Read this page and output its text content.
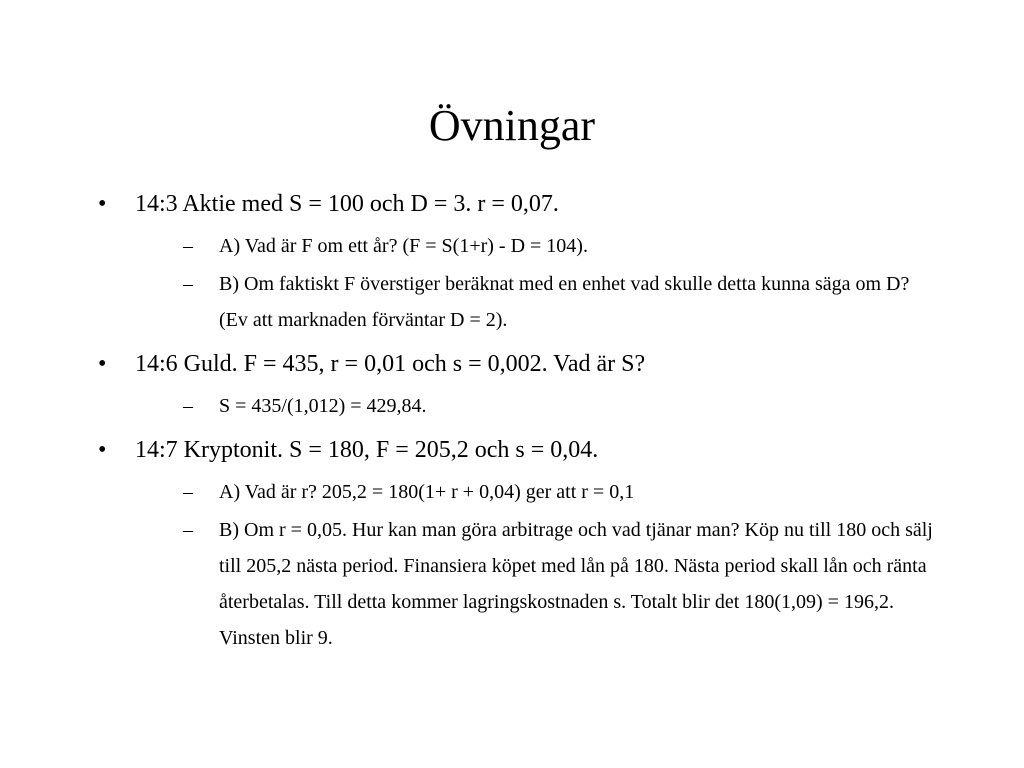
Övningar
• 14:3 Aktie med S = 100 och D = 3. r = 0,07.
– A) Vad är F om ett år? (F = S(1+r) - D = 104).
– B) Om faktiskt F överstiger beräknat med en enhet vad skulle detta kunna säga om D? (Ev att marknaden förväntar D = 2).
• 14:6 Guld. F = 435, r = 0,01 och s = 0,002. Vad är S?
– S = 435/(1,012) = 429,84.
• 14:7 Kryptonit. S = 180, F = 205,2 och s = 0,04.
– A) Vad är r? 205,2 = 180(1+ r + 0,04) ger att r = 0,1
– B) Om r = 0,05. Hur kan man göra arbitrage och vad tjänar man? Köp nu till 180 och sälj till 205,2 nästa period. Finansiera köpet med lån på 180. Nästa period skall lån och ränta återbetalas. Till detta kommer lagringskostnaden s. Totalt blir det 180(1,09) = 196,2. Vinsten blir 9.
